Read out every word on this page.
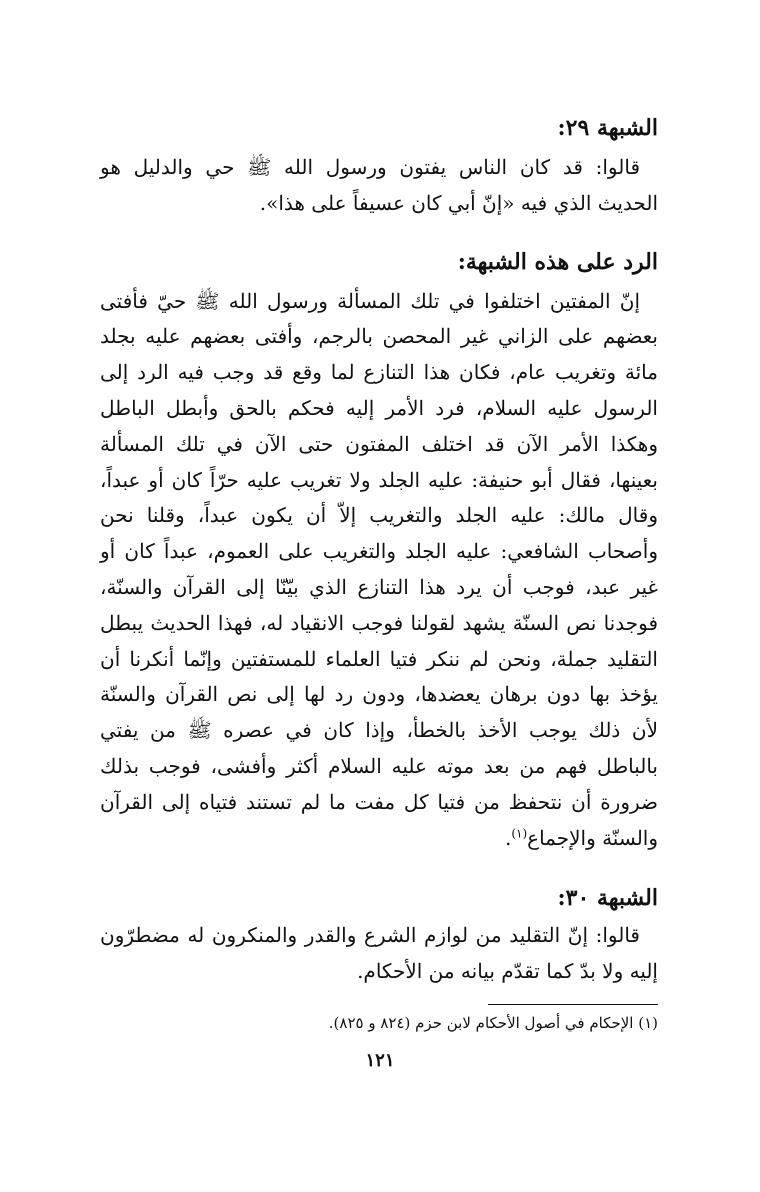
الشبهة ٢٩:

قالوا: قد كان الناس يفتون ورسول الله ﷺ حي والدليل هو الحديث الذي فيه «إنّ أبي كان عسيفاً على هذا».

الرد على هذه الشبهة:

إنّ المفتين اختلفوا في تلك المسألة ورسول الله ﷺ حيّ فأفتى بعضهم على الزاني غير المحصن بالرجم، وأفتى بعضهم عليه بجلد مائة وتغريب عام، فكان هذا التنازع لما وقع قد وجب فيه الرد إلى الرسول عليه السلام، فرد الأمر إليه فحكم بالحق وأبطل الباطل وهكذا الأمر الآن قد اختلف المفتون حتى الآن في تلك المسألة بعينها، فقال أبو حنيفة: عليه الجلد ولا تغريب عليه حرّاً كان أو عبداً، وقال مالك: عليه الجلد والتغريب إلاّ أن يكون عبداً، وقلنا نحن وأصحاب الشافعي: عليه الجلد والتغريب على العموم، عبداً كان أو غير عبد، فوجب أن يرد هذا التنازع الذي بيّنّا إلى القرآن والسنّة، فوجدنا نص السنّة يشهد لقولنا فوجب الانقياد له، فهذا الحديث يبطل التقليد جملة، ونحن لم ننكر فتيا العلماء للمستفتين وإنّما أنكرنا أن يؤخذ بها دون برهان يعضدها، ودون رد لها إلى نص القرآن والسنّة لأن ذلك يوجب الأخذ بالخطأ، وإذا كان في عصره ﷺ من يفتي بالباطل فهم من بعد موته عليه السلام أكثر وأفشى، فوجب بذلك ضرورة أن نتحفظ من فتيا كل مفت ما لم تستند فتياه إلى القرآن والسنّة والإجماع$^{(١)}$.

الشبهة ٣٠:

قالوا: إنّ التقليد من لوازم الشرع والقدر والمنكرون له مضطرّون إليه ولا بدّ كما تقدّم بيانه من الأحكام.

(١) الإحكام في أصول الأحكام لابن حزم (٨٢٤ و ٨٢٥).

١٢١
